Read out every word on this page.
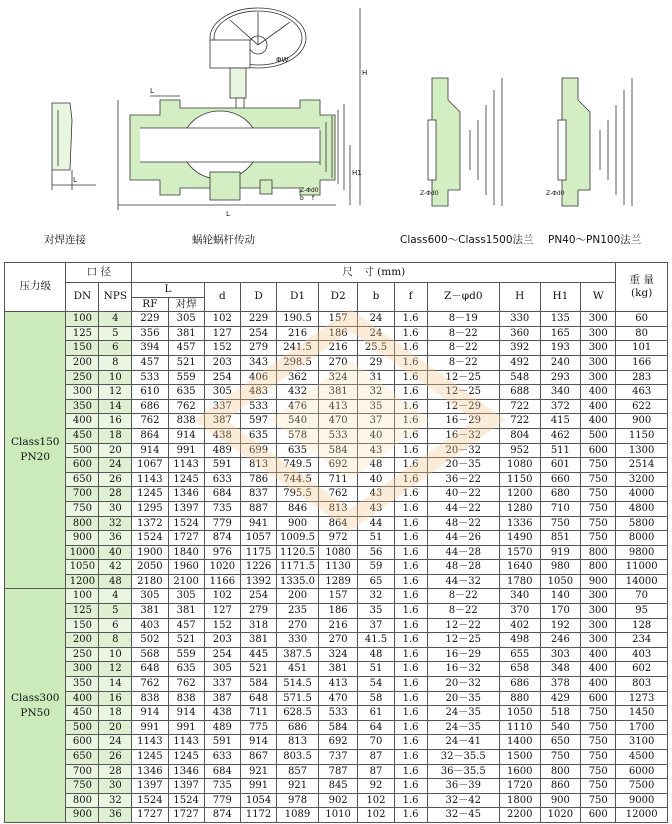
L
ΦW
L
L
H
H1
Z-Φd0
b f
Z-Φd0	Z-Φd0
对焊连接	蜗轮蜗杆传动	Class600～Class1500法兰 PN40～PN100法兰
压力级	口 径		尺　寸 (mm)												重 量
(kg)

	DN	NPS	L		d	D	D1	D2	b	f	Z－φd0	H	H1	W	
			RF	对焊											

Class150
PN20	100	4	229	305	102	229	190.5	157	24	1.6	8－19	330	135	300	60
	125	5	356	381	127	254	216	186	24	1.6	8－22	360	165	300	80
	150	6	394	457	152	279	241.5	216	25.5	1.6	8－22	392	193	300	101
	200	8	457	521	203	343	298.5	270	29	1.6	8－22	492	240	300	166
	250	10	533	559	254	406	362	324	31	1.6	12－25	548	293	300	283
	300	12	610	635	305	483	432	381	32	1.6	12－25	688	340	400	463
	350	14	686	762	337	533	476	413	35	1.6	12－29	722	372	400	622
	400	16	762	838	387	597	540	470	37	1.6	16－29	722	415	400	900
	450	18	864	914	438	635	578	533	40	1.6	16－32	804	462	500	1150
	500	20	914	991	489	699	635	584	43	1.6	20－32	952	511	600	1300
	600	24	1067	1143	591	813	749.5	692	48	1.6	20－35	1080	601	750	2514
	650	26	1143	1245	633	786	744.5	711	40	1.6	36－22	1150	660	750	3200
	700	28	1245	1346	684	837	795.5	762	43	1.6	40－22	1200	680	750	4000
	750	30	1295	1397	735	887	846	813	43	1.6	44－22	1280	710	750	4800
	800	32	1372	1524	779	941	900	864	44	1.6	48－22	1336	750	750	5800
	900	36	1524	1727	874	1057	1009.5	972	51	1.6	44－26	1490	851	750	8000
	1000	40	1900	1840	976	1175	1120.5	1080	56	1.6	44－28	1570	919	800	9800
	1050	42	2050	1960	1020	1226	1171.5	1130	59	1.6	48－28	1640	980	800	11000
	1200	48	2180	2100	1166	1392	1335.0	1289	65	1.6	44－32	1780	1050	900	14000

Class300
PN50	100	4	305	305	102	254	200	157	32	1.6	8－22	340	140	300	70
	125	5	381	381	127	279	235	186	35	1.6	8－22	370	170	300	95
	150	6	403	457	152	318	270	216	37	1.6	12－22	402	192	300	128
	200	8	502	521	203	381	330	270	41.5	1.6	12－25	498	246	300	234
	250	10	568	559	254	445	387.5	324	48	1.6	16－29	655	303	400	403
	300	12	648	635	305	521	451	381	51	1.6	16－32	658	348	400	602
	350	14	762	762	337	584	514.5	413	54	1.6	20－32	686	378	400	803
	400	16	838	838	387	648	571.5	470	58	1.6	20－35	880	429	600	1273
	450	18	914	914	438	711	628.5	533	61	1.6	24－35	1050	518	750	1450
	500	20	991	991	489	775	686	584	64	1.6	24－35	1110	540	750	1700
	600	24	1143	1143	591	914	813	692	70	1.6	24－41	1400	650	750	3100
	650	26	1245	1245	633	867	803.5	737	87	1.6	32－35.5	1500	750	750	4500
	700	28	1346	1346	684	921	857	787	87	1.6	36－35.5	1600	800	750	6000
	750	30	1397	1397	735	991	921	845	92	1.6	36－39	1720	860	750	7500
	800	32	1524	1524	779	1054	978	902	102	1.6	32－42	1800	900	750	9000
	900	36	1727	1727	874	1172	1089	1010	102	1.6	32－45	2200	1020	600	12000
